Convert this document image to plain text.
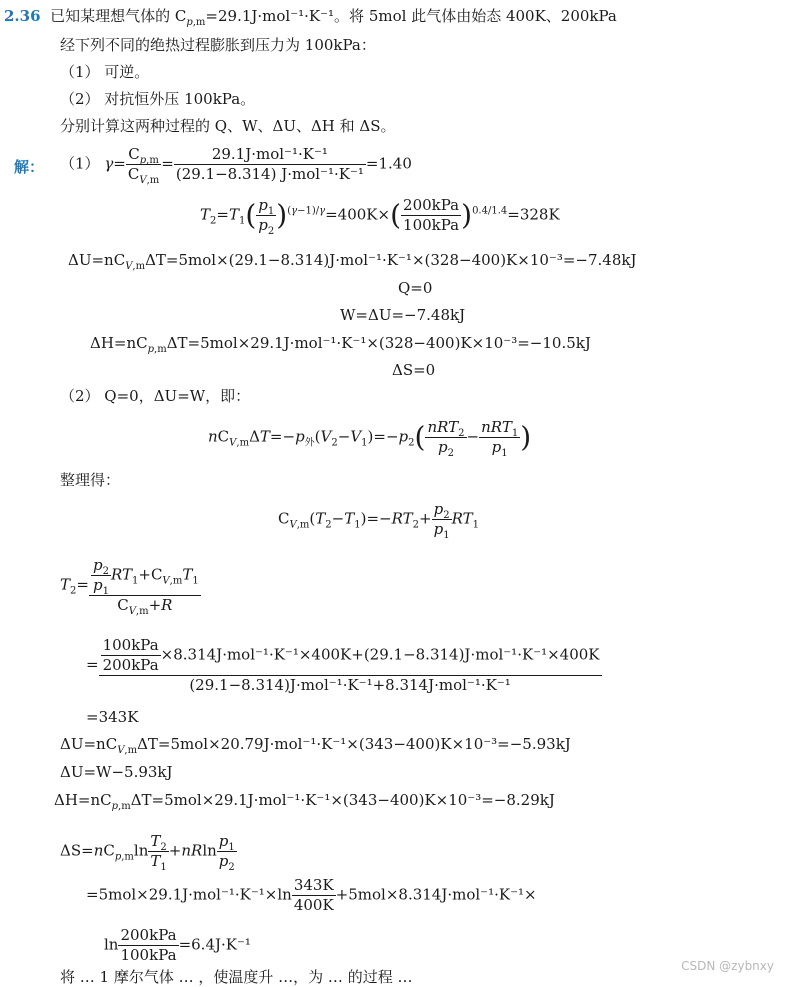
2.36 已知某理想气体的 $C_{p,m}=29.1J\cdot mol^{-1}\cdot K^{-1}$。将 5mol 此气体由始态 400K、200kPa
经下列不同的绝热过程膨胀到压力为 100kPa：
（1） 可逆。
（2） 对抗恒外压 100kPa。
分别计算这两种过程的 Q、W、ΔU、ΔH 和 ΔS。
解： （1） $\gamma= \frac{C_{p,m}}{C_{V,m}} = \frac{\text{29.1J·mol⁻¹·K⁻¹}}{\text{(29.1−8.314) J·mol⁻¹·K⁻¹}} =1.40$
$T_2=T_1( \frac{p_1}{p_2} )^{(\gamma-1)/\gamma}=400K\times( \frac{\text{200kPa}}{\text{100kPa}} )^{0.4/1.4}=328K$
$\Delta U=nC_{V,m}\Delta T=5mol\times(29.1-8.314)J\cdot mol^{-1}\cdot K^{-1}\times(328-400)K\times 10^{-3}=-7.48kJ$
Q=0
W=ΔU=−7.48kJ
$\Delta H=nC_{p,m}\Delta T=5mol\times 29.1J\cdot mol^{-1}\cdot K^{-1}\times(328-400)K\times 10^{-3}=-10.5kJ$
ΔS=0
（2） Q=0，ΔU=W，即：
$nC_{V,m}\Delta T=-p_外(V_2-V_1)=-p_2( \frac{nRT_2}{p_2} - \frac{nRT_1}{p_1}$ )
整理得：
$C_{V,m}(T_2-T_1)=-RT_2+ \frac{p_2}{p_1} RT_1$
$T_2= \frac{\frac{p_2}{p_1} RT_1+C_{V,m}T_1}{C_{V,m}+R}$
= $\frac{\text{100kPa}}{\text{200kPa}} \times 8.314J\cdot mol^{-1}\cdot K^{-1}\times 400K+(29.1-8.314)J\cdot mol^{-1}\cdot K^{-1}\times 400K$
(29.1−8.314)J·mol⁻¹·K⁻¹+8.314J·mol⁻¹·K⁻¹
=343K
$\Delta U=nC_{V,m}\Delta T=5mol\times 20.79J\cdot mol^{-1}\cdot K^{-1}\times(343-400)K\times 10^{-3}=-5.93kJ$
ΔU=W−5.93kJ
$\Delta H=nC_{p,m}\Delta T=5mol\times 29.1J\cdot mol^{-1}\cdot K^{-1}\times(343-400)K\times 10^{-3}=-8.29kJ$
$\Delta S=nC_{p,m}\ln \frac{T_2}{T_1} +nRln \frac{p_1}{p_2}$
$=5mol\times 29.1J\cdot mol^{-1}\cdot K^{-1}\times\ln \frac{343K}{400K} +5mol\times 8.314J\cdot mol^{-1}\cdot K^{-1}\times$
$\ln \frac{\text{200kPa}}{\text{100kPa}} =6.4J\cdot K^{-1}$
将 … 1 摩尔气体 … ，使温度升 …，为 … 的过程 …
CSDN @zybnxy
